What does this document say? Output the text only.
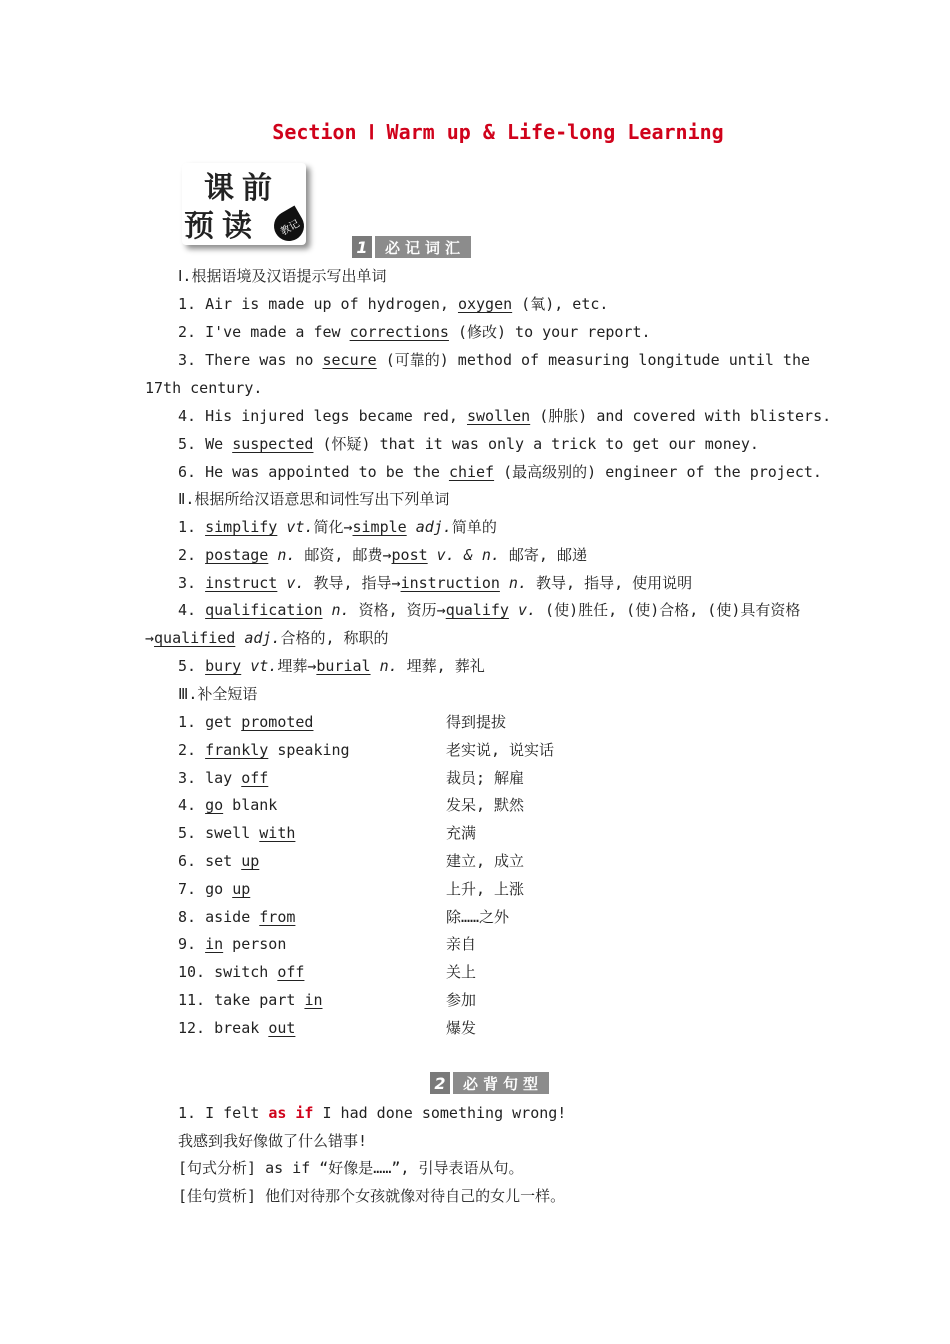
Section Ⅰ Warm up & Life-long Learning
课前
预读	教记
1	必记词汇
Ⅰ.根据语境及汉语提示写出单词
1. Air is made up of hydrogen, oxygen (氧), etc.
2. I've made a few corrections (修改) to your report.
3. There was no secure (可靠的) method of measuring longitude until the
17th century.
4. His injured legs became red, swollen (肿胀) and covered with blisters.
5. We suspected (怀疑) that it was only a trick to get our money.
6. He was appointed to be the chief (最高级别的) engineer of the project.
Ⅱ.根据所给汉语意思和词性写出下列单词
1. simplify vt.简化→simple adj.简单的
2. postage n. 邮资, 邮费→post v. & n. 邮寄, 邮递
3. instruct v. 教导, 指导→instruction n. 教导, 指导, 使用说明
4. qualification n. 资格, 资历→qualify v. (使)胜任, (使)合格, (使)具有资格
→qualified adj.合格的, 称职的
5. bury vt.埋葬→burial n. 埋葬, 葬礼
Ⅲ.补全短语
1. get promoted	得到提拔
2. frankly speaking	老实说, 说实话
3. lay off	裁员; 解雇
4. go blank	发呆, 默然
5. swell with	充满
6. set up	建立, 成立
7. go up	上升, 上涨
8. aside from	除……之外
9. in person	亲自
10. switch off	关上
11. take part in	参加
12. break out	爆发
2	必背句型
1. I felt as if I had done something wrong!
我感到我好像做了什么错事!
[句式分析] as if “好像是……”, 引导表语从句。
[佳句赏析] 他们对待那个女孩就像对待自己的女儿一样。
